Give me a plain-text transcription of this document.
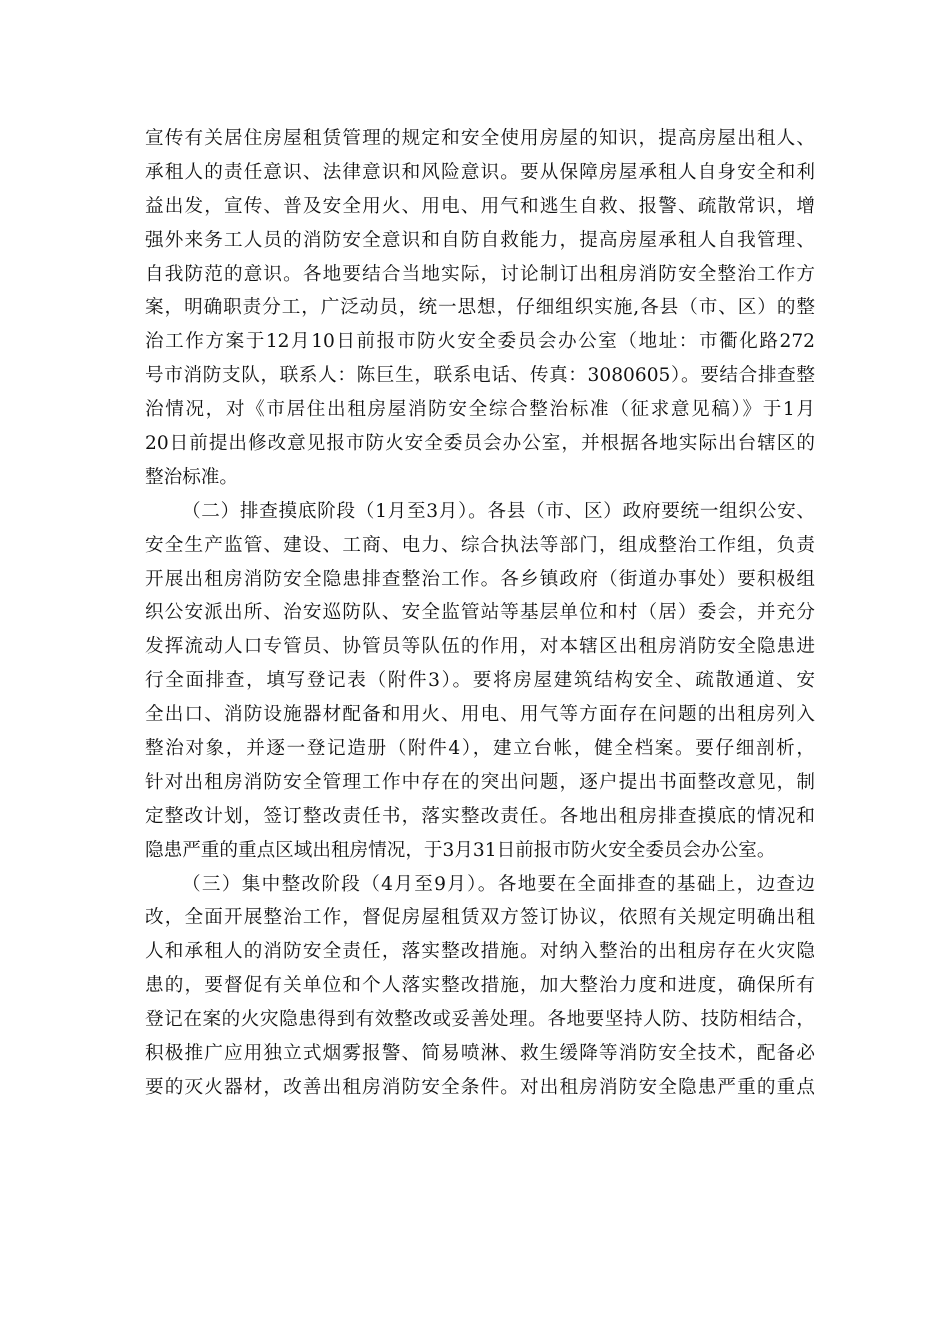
宣传有关居住房屋租赁管理的规定和安全使用房屋的知识，提高房屋出租人、
承租人的责任意识、法律意识和风险意识。要从保障房屋承租人自身安全和利
益出发，宣传、普及安全用火、用电、用气和逃生自救、报警、疏散常识，增
强外来务工人员的消防安全意识和自防自救能力，提高房屋承租人自我管理、
自我防范的意识。各地要结合当地实际，讨论制订出租房消防安全整治工作方
案，明确职责分工，广泛动员，统一思想，仔细组织实施,各县（市、区）的整
治工作方案于12月10日前报市防火安全委员会办公室（地址：市衢化路272
号市消防支队，联系人：陈巨生，联系电话、传真：3080605）。要结合排查整
治情况，对《市居住出租房屋消防安全综合整治标准（征求意见稿）》于1月
20日前提出修改意见报市防火安全委员会办公室，并根据各地实际出台辖区的
整治标准。
（二）排查摸底阶段（1月至3月）。各县（市、区）政府要统一组织公安、
安全生产监管、建设、工商、电力、综合执法等部门，组成整治工作组，负责
开展出租房消防安全隐患排查整治工作。各乡镇政府（街道办事处）要积极组
织公安派出所、治安巡防队、安全监管站等基层单位和村（居）委会，并充分
发挥流动人口专管员、协管员等队伍的作用，对本辖区出租房消防安全隐患进
行全面排查，填写登记表（附件3）。要将房屋建筑结构安全、疏散通道、安
全出口、消防设施器材配备和用火、用电、用气等方面存在问题的出租房列入
整治对象，并逐一登记造册（附件4），建立台帐，健全档案。要仔细剖析，
针对出租房消防安全管理工作中存在的突出问题，逐户提出书面整改意见，制
定整改计划，签订整改责任书，落实整改责任。各地出租房排查摸底的情况和
隐患严重的重点区域出租房情况，于3月31日前报市防火安全委员会办公室。
（三）集中整改阶段（4月至9月）。各地要在全面排查的基础上，边查边
改，全面开展整治工作，督促房屋租赁双方签订协议，依照有关规定明确出租
人和承租人的消防安全责任，落实整改措施。对纳入整治的出租房存在火灾隐
患的，要督促有关单位和个人落实整改措施，加大整治力度和进度，确保所有
登记在案的火灾隐患得到有效整改或妥善处理。各地要坚持人防、技防相结合，
积极推广应用独立式烟雾报警、简易喷淋、救生缓降等消防安全技术，配备必
要的灭火器材，改善出租房消防安全条件。对出租房消防安全隐患严重的重点
